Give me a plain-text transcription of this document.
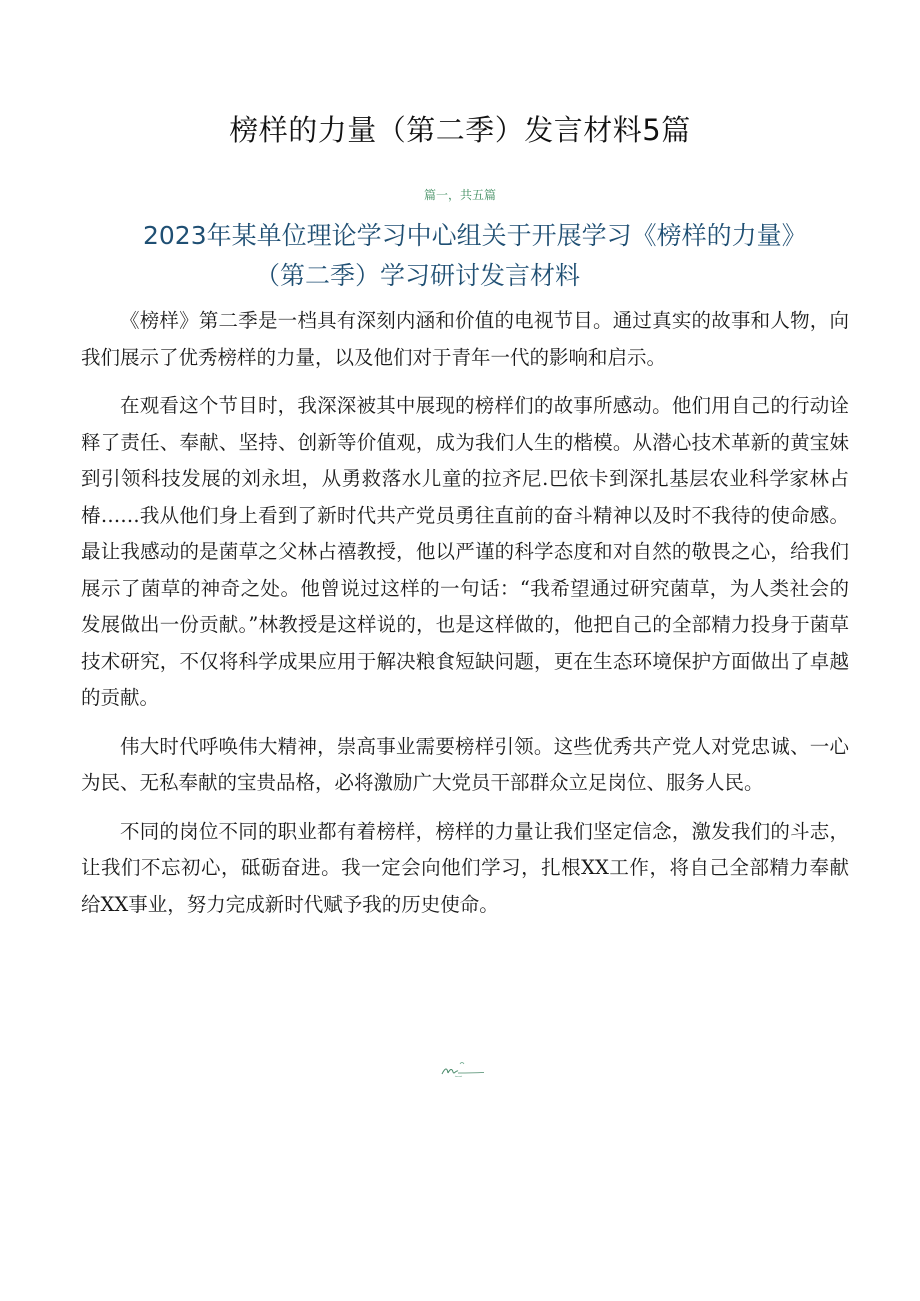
榜样的力量（第二季）发言材料5篇
篇一，共五篇
2023年某单位理论学习中心组关于开展学习《榜样的力量》
（第二季）学习研讨发言材料

《榜样》第二季是一档具有深刻内涵和价值的电视节目。通过真实的故事和人物，向我们展示了优秀榜样的力量，以及他们对于青年一代的影响和启示。

在观看这个节目时，我深深被其中展现的榜样们的故事所感动。他们用自己的行动诠释了责任、奉献、坚持、创新等价值观，成为我们人生的楷模。从潜心技术革新的黄宝妹到引领科技发展的刘永坦，从勇救落水儿童的拉齐尼.巴依卡到深扎基层农业科学家林占椿……我从他们身上看到了新时代共产党员勇往直前的奋斗精神以及时不我待的使命感。最让我感动的是菌草之父林占禧教授，他以严谨的科学态度和对自然的敬畏之心，给我们展示了菌草的神奇之处。他曾说过这样的一句话：“我希望通过研究菌草，为人类社会的发展做出一份贡献。”林教授是这样说的，也是这样做的，他把自己的全部精力投身于菌草技术研究，不仅将科学成果应用于解决粮食短缺问题，更在生态环境保护方面做出了卓越的贡献。

伟大时代呼唤伟大精神，崇高事业需要榜样引领。这些优秀共产党人对党忠诚、一心为民、无私奉献的宝贵品格，必将激励广大党员干部群众立足岗位、服务人民。

不同的岗位不同的职业都有着榜样，榜样的力量让我们坚定信念，激发我们的斗志，让我们不忘初心，砥砺奋进。我一定会向他们学习，扎根XX工作，将自己全部精力奉献给XX事业，努力完成新时代赋予我的历史使命。
